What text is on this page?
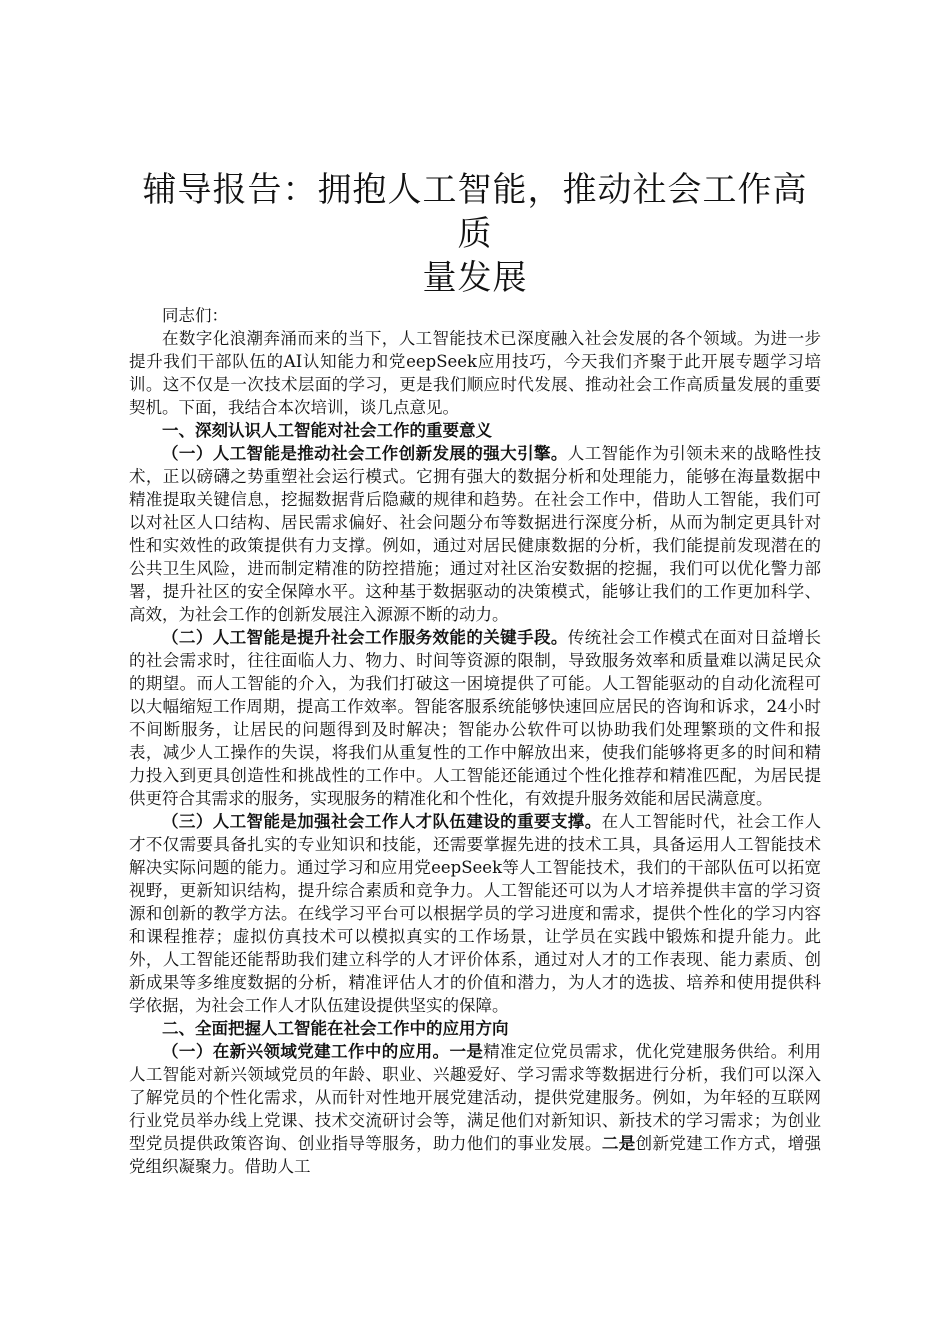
辅导报告：拥抱人工智能，推动社会工作高质
量发展

同志们：

在数字化浪潮奔涌而来的当下，人工智能技术已深度融入社会发展的各个领域。为进一步提升我们干部队伍的AI认知能力和党eepSeek应用技巧，今天我们齐聚于此开展专题学习培训。这不仅是一次技术层面的学习，更是我们顺应时代发展、推动社会工作高质量发展的重要契机。下面，我结合本次培训，谈几点意见。

一、深刻认识人工智能对社会工作的重要意义

（一）人工智能是推动社会工作创新发展的强大引擎。人工智能作为引领未来的战略性技术，正以磅礴之势重塑社会运行模式。它拥有强大的数据分析和处理能力，能够在海量数据中精准提取关键信息，挖掘数据背后隐藏的规律和趋势。在社会工作中，借助人工智能，我们可以对社区人口结构、居民需求偏好、社会问题分布等数据进行深度分析，从而为制定更具针对性和实效性的政策提供有力支撑。例如，通过对居民健康数据的分析，我们能提前发现潜在的公共卫生风险，进而制定精准的防控措施；通过对社区治安数据的挖掘，我们可以优化警力部署，提升社区的安全保障水平。这种基于数据驱动的决策模式，能够让我们的工作更加科学、高效，为社会工作的创新发展注入源源不断的动力。

（二）人工智能是提升社会工作服务效能的关键手段。传统社会工作模式在面对日益增长的社会需求时，往往面临人力、物力、时间等资源的限制，导致服务效率和质量难以满足民众的期望。而人工智能的介入，为我们打破这一困境提供了可能。人工智能驱动的自动化流程可以大幅缩短工作周期，提高工作效率。智能客服系统能够快速回应居民的咨询和诉求，24小时不间断服务，让居民的问题得到及时解决；智能办公软件可以协助我们处理繁琐的文件和报表，减少人工操作的失误，将我们从重复性的工作中解放出来，使我们能够将更多的时间和精力投入到更具创造性和挑战性的工作中。人工智能还能通过个性化推荐和精准匹配，为居民提供更符合其需求的服务，实现服务的精准化和个性化，有效提升服务效能和居民满意度。

（三）人工智能是加强社会工作人才队伍建设的重要支撑。在人工智能时代，社会工作人才不仅需要具备扎实的专业知识和技能，还需要掌握先进的技术工具，具备运用人工智能技术解决实际问题的能力。通过学习和应用党eepSeek等人工智能技术，我们的干部队伍可以拓宽视野，更新知识结构，提升综合素质和竞争力。人工智能还可以为人才培养提供丰富的学习资源和创新的教学方法。在线学习平台可以根据学员的学习进度和需求，提供个性化的学习内容和课程推荐；虚拟仿真技术可以模拟真实的工作场景，让学员在实践中锻炼和提升能力。此外，人工智能还能帮助我们建立科学的人才评价体系，通过对人才的工作表现、能力素质、创新成果等多维度数据的分析，精准评估人才的价值和潜力，为人才的选拔、培养和使用提供科学依据，为社会工作人才队伍建设提供坚实的保障。

二、全面把握人工智能在社会工作中的应用方向

（一）在新兴领域党建工作中的应用。一是精准定位党员需求，优化党建服务供给。利用人工智能对新兴领域党员的年龄、职业、兴趣爱好、学习需求等数据进行分析，我们可以深入了解党员的个性化需求，从而针对性地开展党建活动，提供党建服务。例如，为年轻的互联网行业党员举办线上党课、技术交流研讨会等，满足他们对新知识、新技术的学习需求；为创业型党员提供政策咨询、创业指导等服务，助力他们的事业发展。二是创新党建工作方式，增强党组织凝聚力。借助人工
